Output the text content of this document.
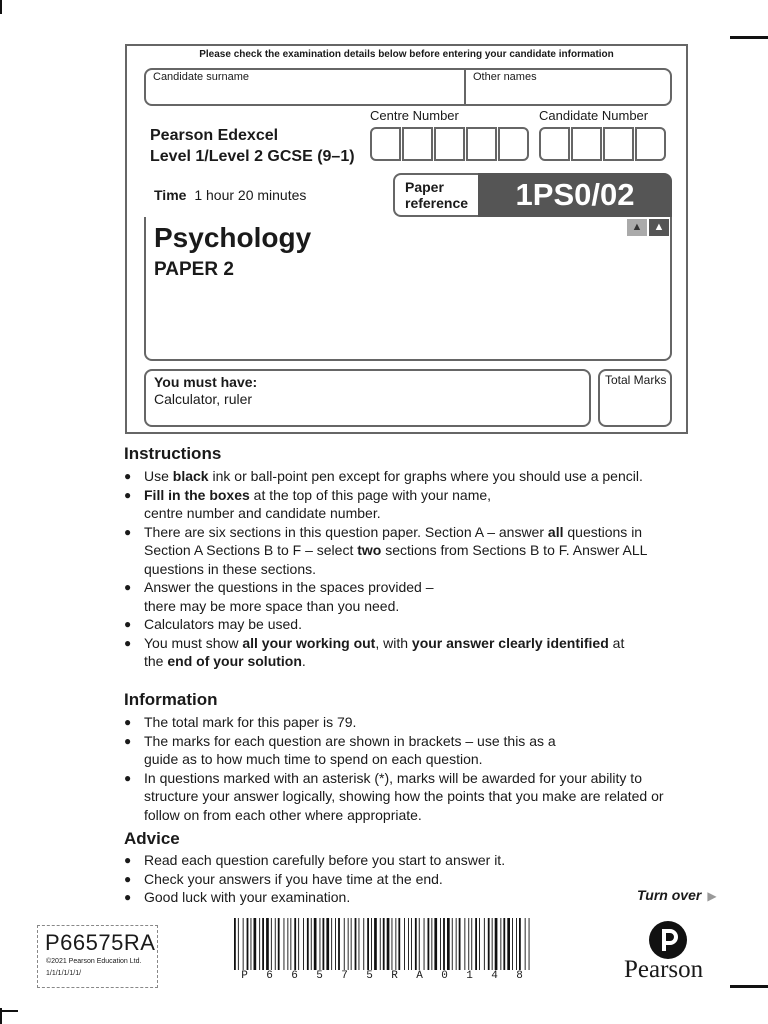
Please check the examination details below before entering your candidate information
Candidate surname	Other names
Centre Number	Candidate Number
Pearson Edexcel
Level 1/Level 2 GCSE (9–1)
Time 1 hour 20 minutes	Paper
reference	1PS0/02
▲	▲
Psychology
PAPER 2
You must have:
Calculator, ruler
Total Marks
Instructions
● Use black ink or ball-point pen except for graphs where you should use a pencil.
● Fill in the boxes at the top of this page with your name, centre number and candidate number.
● There are six sections in this question paper. Section A – answer all questions in Section A Sections B to F – select two sections from Sections B to F. Answer ALL questions in these sections.
● Answer the questions in the spaces provided – there may be more space than you need.
● Calculators may be used.
● You must show all your working out, with your answer clearly identified at the end of your solution.
Information
● The total mark for this paper is 79.
● The marks for each question are shown in brackets – use this as a guide as to how much time to spend on each question.
● In questions marked with an asterisk (*), marks will be awarded for your ability to structure your answer logically, showing how the points that you make are related or follow on from each other where appropriate.
Advice
● Read each question carefully before you start to answer it.
● Check your answers if you have time at the end.
● Good luck with your examination.	Turn over ▶
P66575RA
©2021 Pearson Education Ltd.
1/1/1/1/1/1/	P 6 6 5 7 5 R A 0 1 4 8	Pearson
